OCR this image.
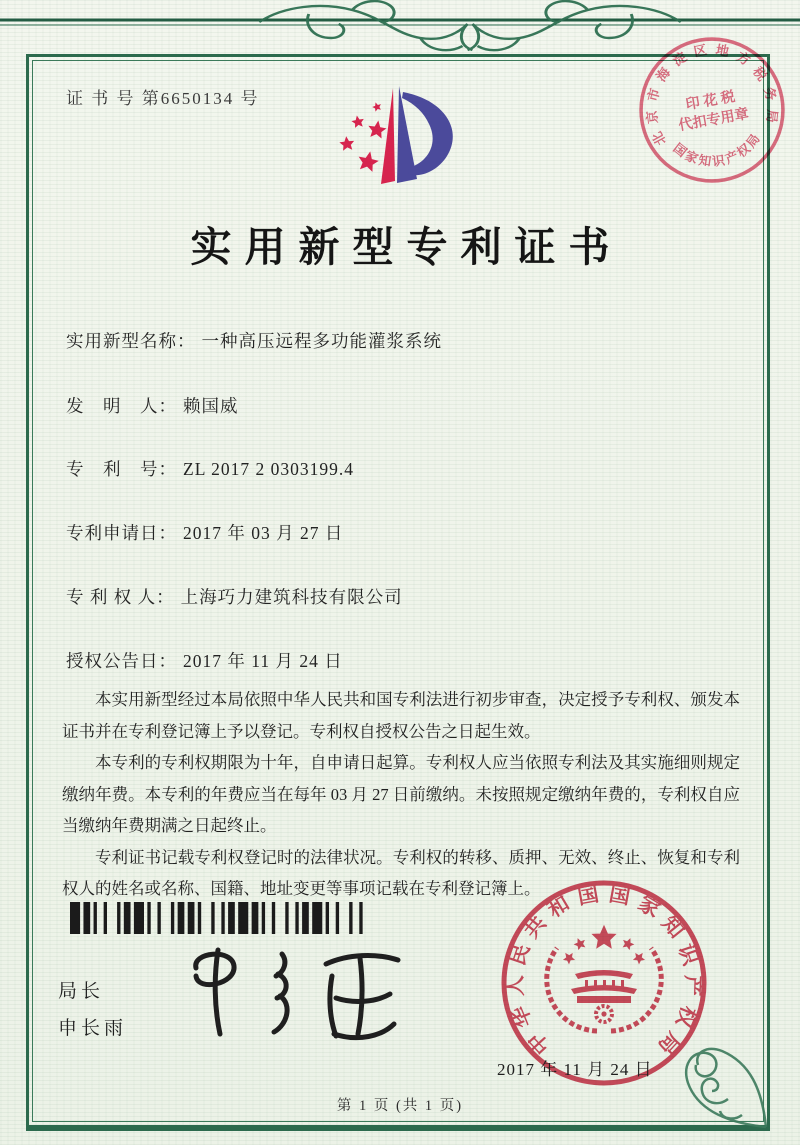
证 书 号 第6650134 号
实用新型专利证书
实用新型名称： 一种高压远程多功能灌浆系统
发　明　人： 赖国威
专　利　号： ZL 2017 2 0303199.4
专利申请日： 2017 年 03 月 27 日
专 利 权 人： 上海巧力建筑科技有限公司
授权公告日： 2017 年 11 月 24 日

本实用新型经过本局依照中华人民共和国专利法进行初步审查，决定授予专利权、颁发本证书并在专利登记簿上予以登记。专利权自授权公告之日起生效。

本专利的专利权期限为十年，自申请日起算。专利权人应当依照专利法及其实施细则规定缴纳年费。本专利的年费应当在每年 03 月 27 日前缴纳。未按照规定缴纳年费的，专利权自应当缴纳年费期满之日起终止。

专利证书记载专利权登记时的法律状况。专利权的转移、质押、无效、终止、恢复和专利权人的姓名或名称、国籍、地址变更等事项记载在专利登记簿上。

局长
申长雨	中华人民共和国国家知识产权局
2017 年 11 月 24 日
北京市海淀区地方税务局
国家知识产权局
印 花 税
代扣专用章
第 1 页 (共 1 页)
